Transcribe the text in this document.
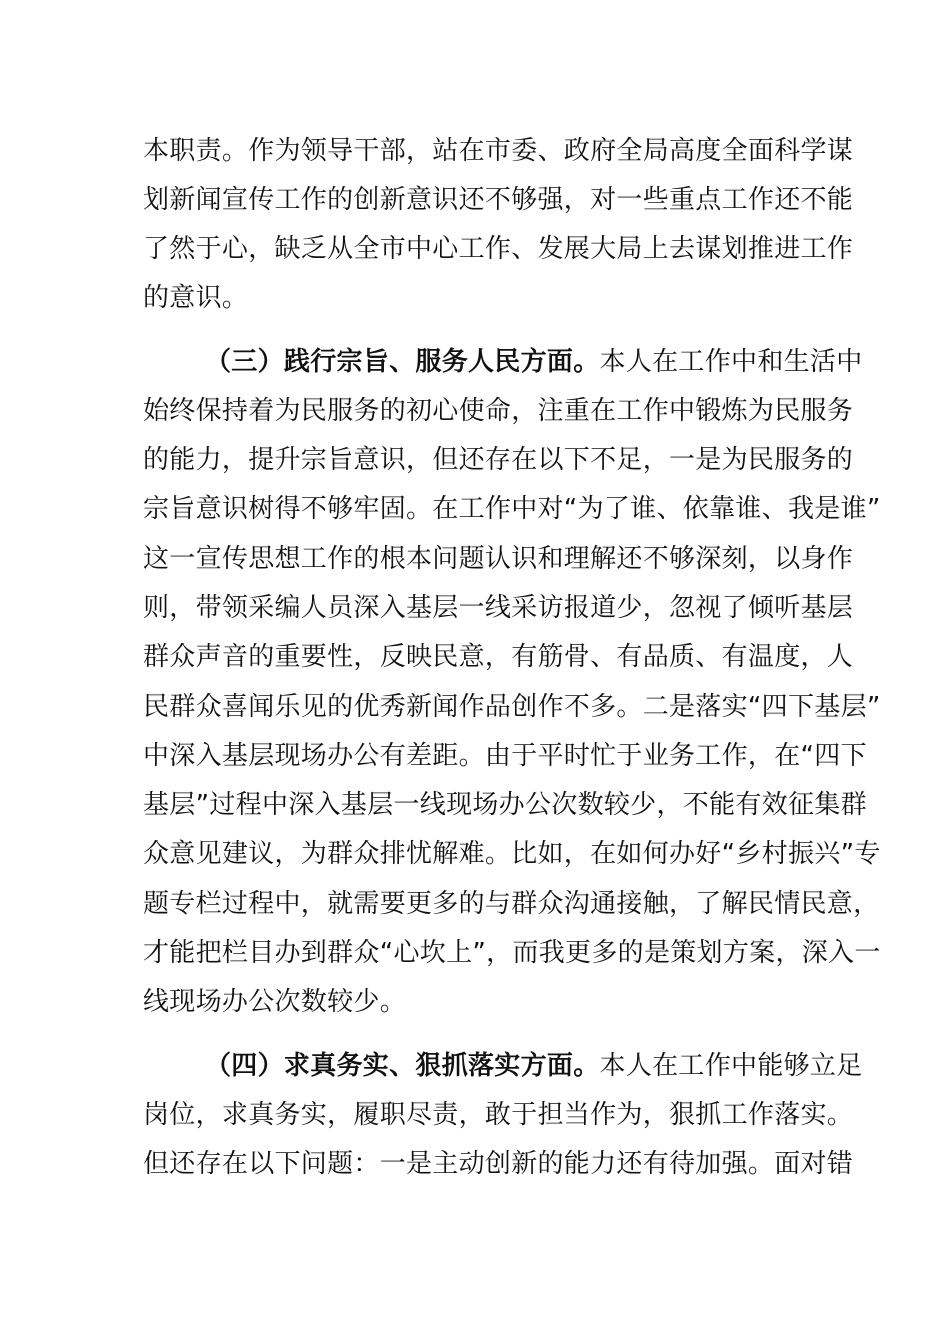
本职责。作为领导干部，站在市委、政府全局高度全面科学谋
划新闻宣传工作的创新意识还不够强，对一些重点工作还不能
了然于心，缺乏从全市中心工作、发展大局上去谋划推进工作
的意识。
（三）践行宗旨、服务人民方面。本人在工作中和生活中
始终保持着为民服务的初心使命，注重在工作中锻炼为民服务
的能力，提升宗旨意识，但还存在以下不足，一是为民服务的
宗旨意识树得不够牢固。在工作中对“为了谁、依靠谁、我是谁”
这一宣传思想工作的根本问题认识和理解还不够深刻，以身作
则，带领采编人员深入基层一线采访报道少，忽视了倾听基层
群众声音的重要性，反映民意，有筋骨、有品质、有温度，人
民群众喜闻乐见的优秀新闻作品创作不多。二是落实“四下基层”
中深入基层现场办公有差距。由于平时忙于业务工作，在“四下
基层”过程中深入基层一线现场办公次数较少，不能有效征集群
众意见建议，为群众排忧解难。比如，在如何办好“乡村振兴”专
题专栏过程中，就需要更多的与群众沟通接触，了解民情民意，
才能把栏目办到群众“心坎上”，而我更多的是策划方案，深入一
线现场办公次数较少。
（四）求真务实、狠抓落实方面。本人在工作中能够立足
岗位，求真务实，履职尽责，敢于担当作为，狠抓工作落实。
但还存在以下问题：一是主动创新的能力还有待加强。面对错
